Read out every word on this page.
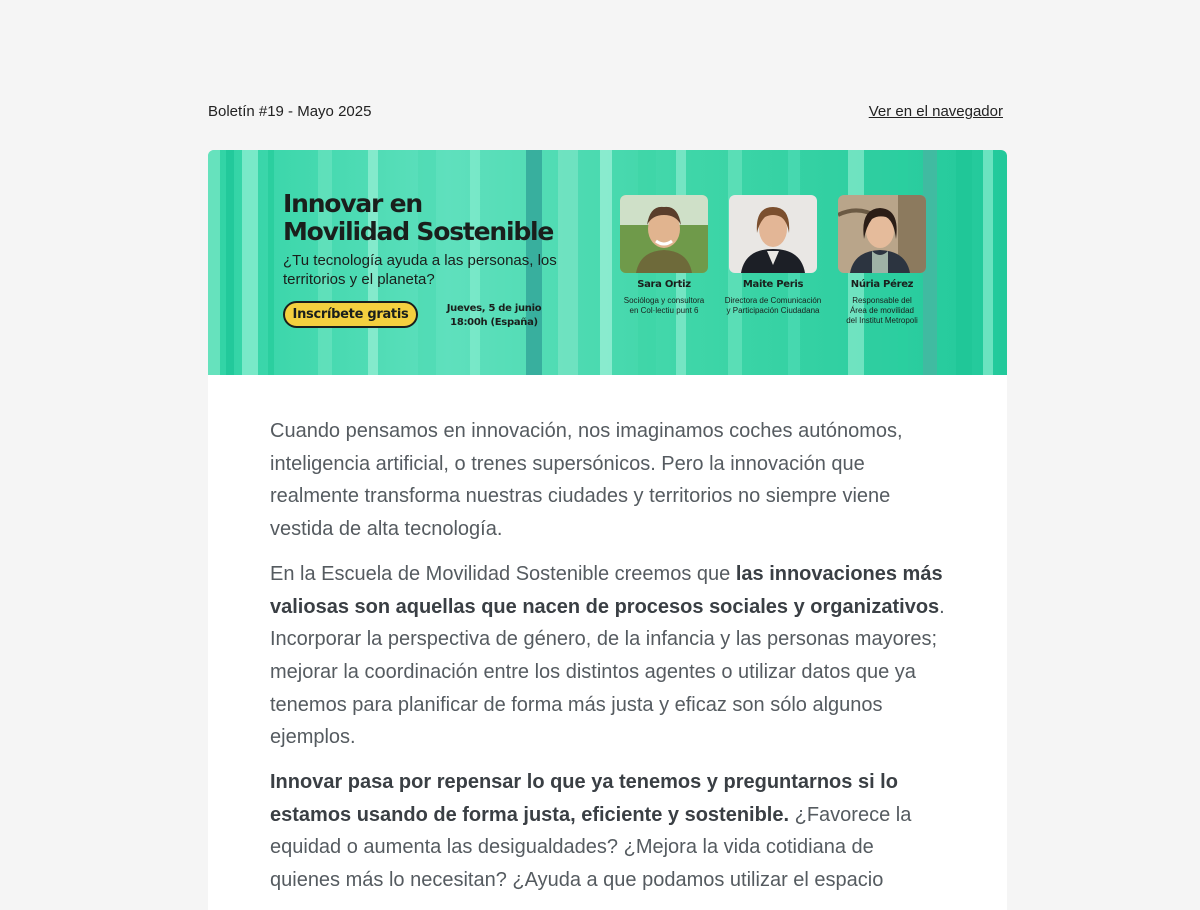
Boletín #19 - Mayo 2025	Ver en el navegador
Innovar en
Movilidad Sostenible
¿Tu tecnología ayuda a las personas, los territorios y el planeta?
Inscríbete gratis	Jueves, 5 de junio
18:00h (España)
Sara Ortiz
Socióloga y consultora
en Col·lectiu punt 6
Maite Peris
Directora de Comunicación
y Participación Ciudadana
Núria Pérez
Responsable del
Área de movilidad
del Institut Metropoli

Cuando pensamos en innovación, nos imaginamos coches autónomos, inteligencia artificial, o trenes supersónicos. Pero la innovación que realmente transforma nuestras ciudades y territorios no siempre viene vestida de alta tecnología.

En la Escuela de Movilidad Sostenible creemos que las innovaciones más valiosas son aquellas que nacen de procesos sociales y organizativos. Incorporar la perspectiva de género, de la infancia y las personas mayores; mejorar la coordinación entre los distintos agentes o utilizar datos que ya tenemos para planificar de forma más justa y eficaz son sólo algunos ejemplos.

Innovar pasa por repensar lo que ya tenemos y preguntarnos si lo estamos usando de forma justa, eficiente y sostenible. ¿Favorece la equidad o aumenta las desigualdades? ¿Mejora la vida cotidiana de quienes más lo necesitan? ¿Ayuda a que podamos utilizar el espacio
